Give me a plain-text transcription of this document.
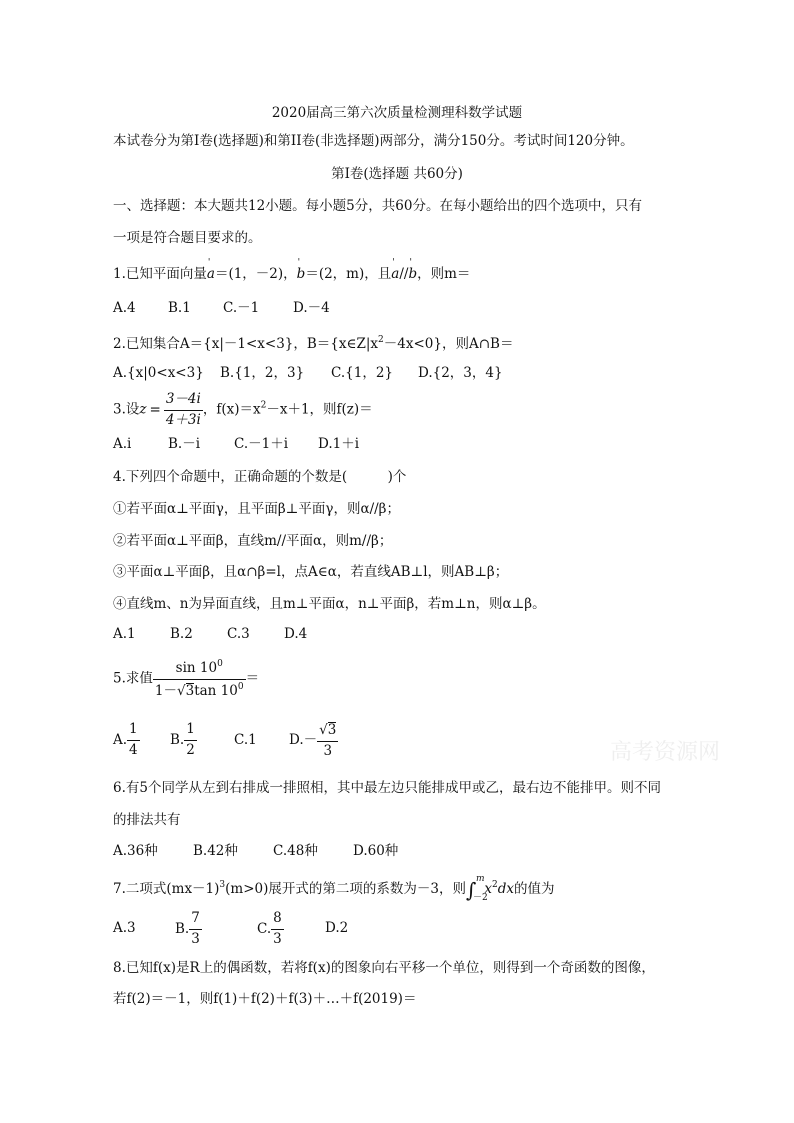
2020届高三第六次质量检测理科数学试题
本试卷分为第I卷(选择题)和第II卷(非选择题)两部分，满分150分。考试时间120分钟。
第I卷(选择题 共60分)
一、选择题：本大题共12小题。每小题5分，共60分。在每小题给出的四个选项中，只有
一项是符合题目要求的。
1.已知平面向量' a＝(1，－2)，' b＝(2，m)，且' a//' b，则m＝
A.4 B.1 C.－1	D.－4
2.已知集合A＝{x|－1<x<3}，$B=\{x\in Z|x^2-4x<0\}$，则A∩B＝
A.{x|0<x<3} B.{1，2，3} C.{1，2} D.{2，3，4}
3.设$z = \frac{3-4i}{4+3i}$ ，$f(x)=x^2-x+1$，则f(z)＝
A.i	B.－i	C.－1＋i D.1＋i
4.下列四个命题中，正确命题的个数是(　　　)个
①若平面α⊥平面γ，且平面β⊥平面γ，则α//β；
②若平面α⊥平面β，直线m//平面α，则m//β；
③平面α⊥平面β，且α∩β=l，点A∈α，若直线AB⊥l，则AB⊥β；
④直线m、n为异面直线，且m⊥平面α，n⊥平面β，若m⊥n，则α⊥β。
A.1	B.2	C.3	D.4
5.求值 $\frac{\sin 10^0}{1-√3\tan 10^0}$ ＝
A. $\frac{1}{4} B$. $\frac{1}{2}$	C.1 $D.- \frac{√3}{3}$
6.有5个同学从左到右排成一排照相，其中最左边只能排成甲或乙，最右边不能排甲。则不同
的排法共有
A.36种	B.42种	C.48种	D.60种
7.二项式$(mx-1)^3(m>0)$展开式的第二项的系数为－3，则∫ m
－2
$x^2dx$的值为
A.3	B. $\frac{7}{3}$	C. $\frac{8}{3}$	D.2
8.已知f(x)是R上的偶函数，若将f(x)的图象向右平移一个单位，则得到一个奇函数的图像，
若f(2)＝－1，则f(1)＋f(2)＋f(3)＋…＋f(2019)＝
高考资源网
